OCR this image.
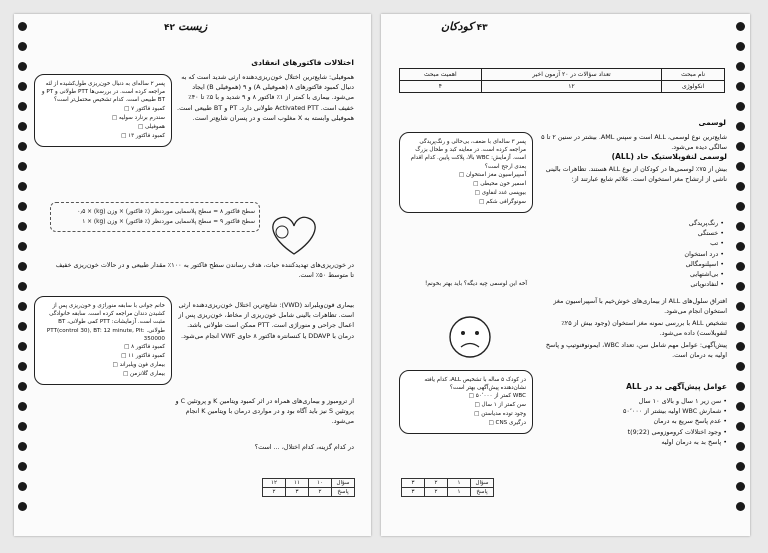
۴۲ زیست
اختلالات فاکتورهای انعقادی
پسر ۲ ساله‌ای به دنبال خون‌ریزی طول‌کشیده از لثه مراجعه کرده است. در بررسی‌ها PTT طولانی و PT و BT طبیعی است. کدام تشخیص محتمل‌تر است؟
کمبود فاکتور ۷ □
سندرم برنارد سولیه □
هموفیلی □
کمبود فاکتور ۱۳ □
هموفیلی: شایع‌ترین اختلال خون‌ریزی‌دهنده ارثی شدید است که به دنبال کمبود فاکتورهای ۸ (هموفیلی A) و ۹ (هموفیلی B) ایجاد می‌شود. بیماری با کمتر از ۱٪ فاکتور ۸ و ۹ شدید و با ۵٪ تا ۴۰٪ خفیف است. Activated PTT طولانی دارد. PT و BT طبیعی است. هموفیلی وابسته به X مغلوب است و در پسران شایع‌تر است.
سطح فاکتور ۸ = سطح پلاسمایی موردنظر (٪ فاکتور) × وزن (kg) × ۰٫۵
سطح فاکتور ۹ = سطح پلاسمایی موردنظر (٪ فاکتور) × وزن (kg) × ۱
در خون‌ریزی‌های تهدیدکننده حیات، هدف رساندن سطح فاکتور به ۱۰۰٪ مقدار طبیعی و در حالات خون‌ریزی خفیف تا متوسط ۵۰٪ است.
خانم جوانی با سابقه منوراژی و خون‌ریزی پس از کشیدن دندان مراجعه کرده است. سابقه خانوادگی مثبت است. آزمایشات: PTT کمی طولانی، BT طولانی. PTT(control 30), BT: 12 minute, Plt: 350000
کمبود فاکتور ۸ □
کمبود فاکتور ۱۱ □
بیماری فون ویلبراند □
بیماری گلانزمن □
بیماری فون‌ویلبراند (VWD): شایع‌ترین اختلال خون‌ریزی‌دهنده ارثی است. تظاهرات بالینی شامل خون‌ریزی از مخاط، خون‌ریزی پس از اعمال جراحی و منوراژی است. PTT ممکن است طولانی باشد. درمان با DDAVP یا کنسانتره فاکتور ۸ حاوی VWF انجام می‌شود.
از ترومبوز و بیماری‌های همراه در اثر کمبود ویتامین K و پروتئین C و پروتئین S نیز باید آگاه بود و در مواردی درمان با ویتامین K انجام می‌شود.
در کدام گزینه، کدام اختلال، ... است؟
۱۲	۱۱	۱۰	سؤال
۲	۳	۲	پاسخ
کودکان ۴۳
اهمیت مبحث	تعداد سؤالات در ۲۰ آزمون اخیر	نام مبحث
۴	۱۲	انکولوژی
لوسمی
پسر ۳ ساله‌ای با ضعف، بی‌حالی و رنگ‌پریدگی مراجعه کرده است. در معاینه کبد و طحال بزرگ است. آزمایش: WBC بالا، پلاکت پایین. کدام اقدام بعدی ارجح است؟
آسپیراسیون مغز استخوان □
اسمیر خون محیطی □
بیوپسی غدد لنفاوی □
سونوگرافی شکم □
شایع‌ترین نوع لوسمی، ALL است و سپس AML. بیشتر در سنین ۲ تا ۵ سالگی دیده می‌شود.
لوسمی لنفوبلاستیک حاد (ALL)
بیش از ۷۵٪ لوسمی‌ها در کودکان از نوع ALL هستند. تظاهرات بالینی ناشی از ارتشاح مغز استخوان است. علائم شایع عبارتند از:
• رنگ‌پریدگی
• خستگی
• تب
• درد استخوان
• اسپلنومگالی
• بی‌اشتهایی
• لنفادنوپاتی
آخه این لوسمی چیه دیگه؟ باید بهتر بخونم!
افتراق سلول‌های ALL از بیماری‌های خوش‌خیم با آسپیراسیون مغز استخوان انجام می‌شود.
تشخیص ALL با بررسی نمونه مغز استخوان (وجود بیش از ۲۵٪ لنفوبلاست) داده می‌شود.
پیش‌آگهی: عوامل مهم شامل سن، تعداد WBC، ایمونوفنوتیپ و پاسخ اولیه به درمان است.
در کودک ۵ ساله با تشخیص ALL، کدام یافته نشان‌دهنده پیش‌آگهی بهتر است؟
WBC کمتر از ۵۰٬۰۰۰ □
سن کمتر از ۱ سال □
وجود توده مدیاستن □
درگیری CNS □
عوامل پیش‌آگهی بد در ALL
• سن زیر ۱ سال و بالای ۱۰ سال
• شمارش WBC اولیه بیشتر از ۵۰٬۰۰۰
• عدم پاسخ سریع به درمان
• وجود اختلالات کروموزومی t(9;22)
• پاسخ بد به درمان اولیه
۳	۲	۱	سؤال
۳	۲	۱	پاسخ
